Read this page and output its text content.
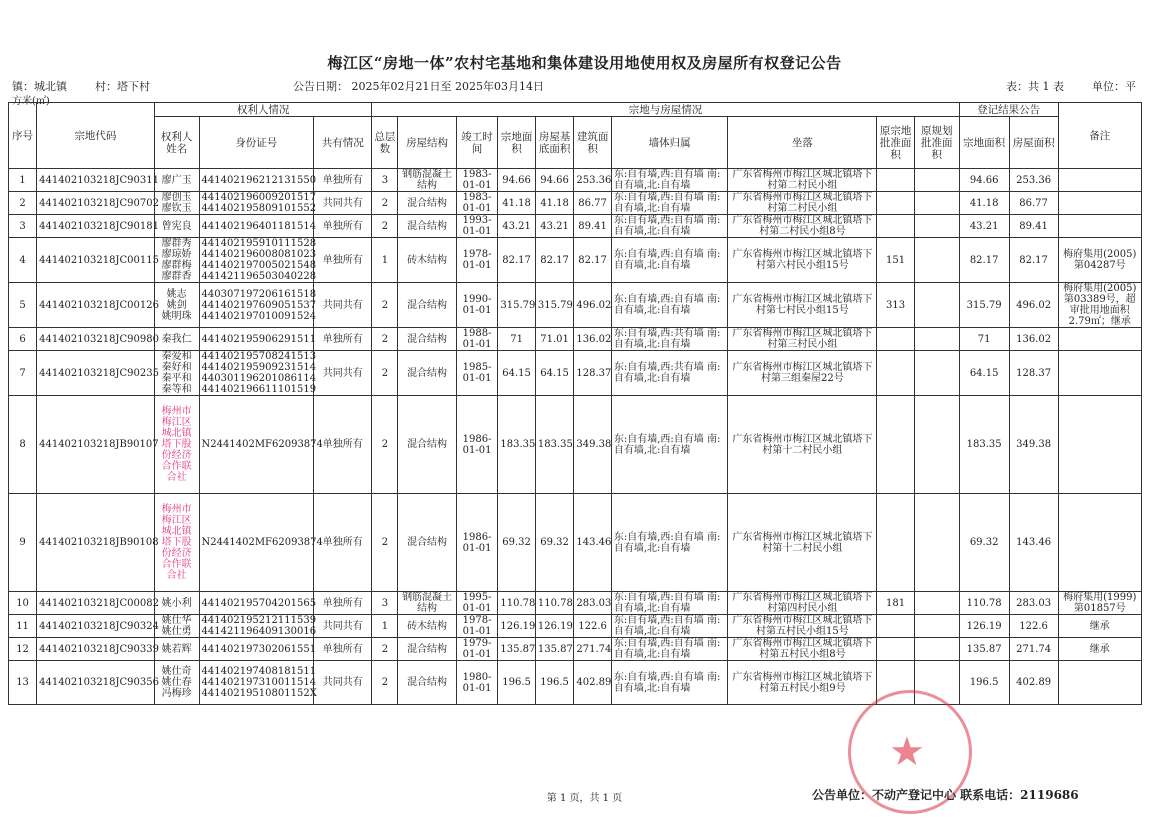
梅江区“房地一体”农村宅基地和集体建设用地使用权及房屋所有权登记公告
镇：城北镇	村：塔下村	公告日期： 2025年02月21日至 2025年03月14日	表：共 1 表	单位：平
方米(㎡)
序号	宗地代码	权利人情况			宗地与房屋情况										登记结果公告		备注
		权利人姓名	身份证号	共有情况	总层数	房屋结构	竣工时间	宗地面积	房屋基底面积	建筑面积	墙体归属	坐落	原宗地批准面积	原规划批准面积	宗地面积	房屋面积	
1	441402103218JC90311	廖广玉	441402196212131550	单独所有	3	钢筋混凝土结构	1983-01-01	94.66	94.66	253.36	东:自有墙,西:自有墙 南:自有墙,北:自有墙	广东省梅州市梅江区城北镇塔下村第二村民小组			94.66	253.36	
2	441402103218JC90702	廖创玉
廖钦玉	441402196009201517
441402195809101552	共同共有	2	混合结构	1983-01-01	41.18	41.18	86.77	东:自有墙,西:自有墙 南:自有墙,北:自有墙	广东省梅州市梅江区城北镇塔下村第二村民小组			41.18	86.77	
3	441402103218JC90181	曾宪良	441402196401181514	单独所有	2	混合结构	1993-01-01	43.21	43.21	89.41	东:自有墙,西:自有墙 南:自有墙,北:自有墙	广东省梅州市梅江区城北镇塔下村第二村民小组8号			43.21	89.41	
4	441402103218JC00115	廖群秀
廖琼娇
廖群梅
廖群香	441402195910111528
441402196008081023
441402197005021548
441421196503040228	单独所有	1	砖木结构	1978-01-01	82.17	82.17	82.17	东:自有墙,西:自有墙 南:自有墙,北:自有墙	广东省梅州市梅江区城北镇塔下村第六村民小组15号	151		82.17	82.17	梅府集用(2005)第04287号
5	441402103218JC00126	姚志
姚剑
姚明珠	440307197206161518
441402197609051537
441402197010091524	共同共有	2	混合结构	1990-01-01	315.79	315.79	496.02	东:自有墙,西:自有墙 南:自有墙,北:自有墙	广东省梅州市梅江区城北镇塔下村第七村民小组15号	313		315.79	496.02	梅府集用(2005)第03389号，超审批用地面积2.79㎡；继承
6	441402103218JC90980	秦我仁	441402195906291511	单独所有	2	混合结构	1988-01-01	71	71.01	136.02	东:自有墙,西:共有墙 南:自有墙,北:自有墙	广东省梅州市梅江区城北镇塔下村第三村民小组			71	136.02	
7	441402103218JC90235	秦爱和
秦好和
秦平和
秦等和	441402195708241513
441402195909231514
440301196201086114
441402196611101519	共同共有	2	混合结构	1985-01-01	64.15	64.15	128.37	东:自有墙,西:共有墙 南:自有墙,北:自有墙	广东省梅州市梅江区城北镇塔下村第三组秦屋22号			64.15	128.37	
8	441402103218JB90107	梅州市梅江区城北镇塔下股份经济合作联合社	N2441402MF62093874	单独所有	2	混合结构	1986-01-01	183.35	183.35	349.38	东:自有墙,西:自有墙 南:自有墙,北:自有墙	广东省梅州市梅江区城北镇塔下村第十二村民小组			183.35	349.38	
9	441402103218JB90108	梅州市梅江区城北镇塔下股份经济合作联合社	N2441402MF62093874	单独所有	2	混合结构	1986-01-01	69.32	69.32	143.46	东:自有墙,西:自有墙 南:自有墙,北:自有墙	广东省梅州市梅江区城北镇塔下村第十二村民小组			69.32	143.46	
10	441402103218JC00082	姚小利	441402195704201565	单独所有	3	钢筋混凝土结构	1995-01-01	110.78	110.78	283.03	东:自有墙,西:自有墙 南:自有墙,北:自有墙	广东省梅州市梅江区城北镇塔下村第四村民小组	181		110.78	283.03	梅府集用(1999)第01857号
11	441402103218JC90324	姚仕华
姚仕勇	441402195212111539
441421196409130016	共同共有	1	砖木结构	1978-01-01	126.19	126.19	122.6	东:自有墙,西:自有墙 南:自有墙,北:自有墙	广东省梅州市梅江区城北镇塔下村第五村民小组15号			126.19	122.6	继承
12	441402103218JC90339	姚若辉	441402197302061551	单独所有	2	混合结构	1979-01-01	135.87	135.87	271.74	东:自有墙,西:自有墙 南:自有墙,北:自有墙	广东省梅州市梅江区城北镇塔下村第五村民小组8号			135.87	271.74	继承
13	441402103218JC90356	姚仕奇
姚仕春
冯梅珍	441402197408181511
441402197310011514
44140219510801152X	共同共有	2	混合结构	1980-01-01	196.5	196.5	402.89	东:自有墙,西:自有墙 南:自有墙,北:自有墙	广东省梅州市梅江区城北镇塔下村第五村民小组9号			196.5	402.89	
★
第 1 页，共 1 页	公告单位：不动产登记中心 联系电话：2119686
